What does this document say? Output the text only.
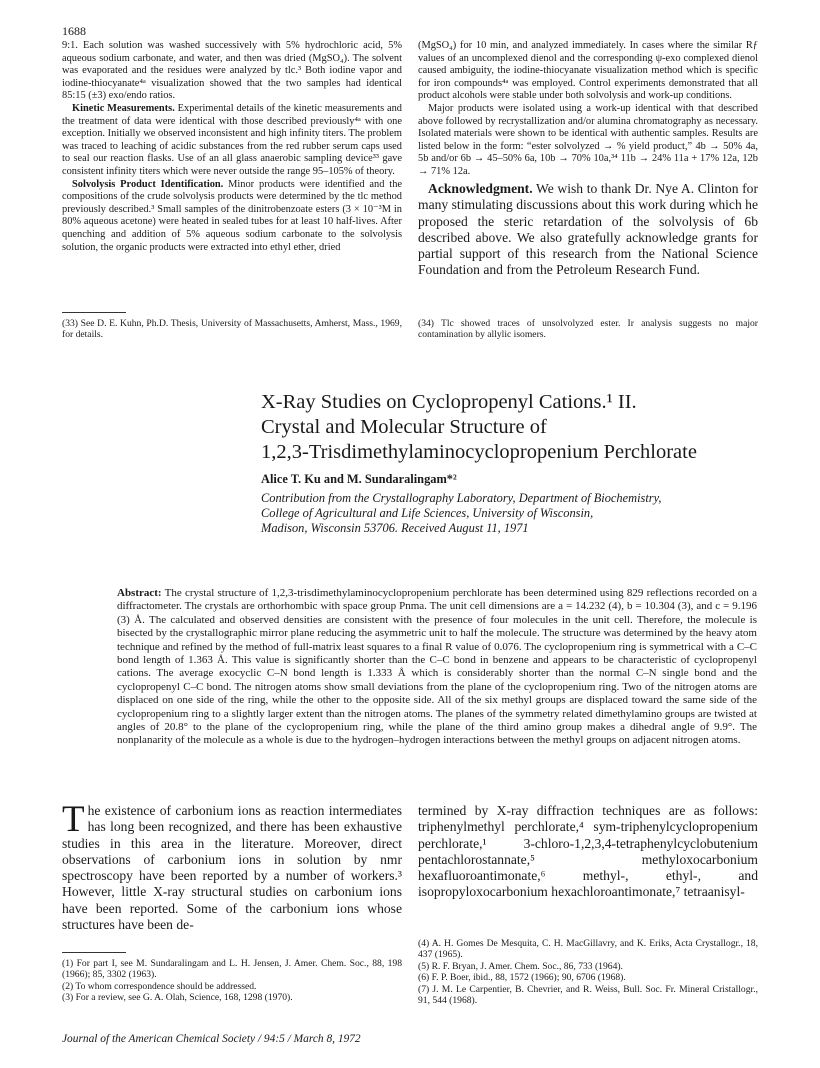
1688

9:1. Each solution was washed successively with 5% hydrochloric acid, 5% aqueous sodium carbonate, and water, and then was dried (MgSO₄). The solvent was evaporated and the residues were analyzed by tlc.³ Both iodine vapor and iodine-thiocyanate⁴ᵃ visualization showed that the two samples had identical 85:15 (±3) exo/endo ratios.

Kinetic Measurements. Experimental details of the kinetic measurements and the treatment of data were identical with those described previously⁴ᵃ with one exception. Initially we observed inconsistent and high infinity titers. The problem was traced to leaching of acidic substances from the red rubber serum caps used to seal our reaction flasks. Use of an all glass anaerobic sampling device³³ gave consistent infinity titers which were never outside the range 95–105% of theory.

Solvolysis Product Identification. Minor products were identified and the compositions of the crude solvolysis products were determined by the tlc method previously described.³ Small samples of the dinitrobenzoate esters (3 × 10⁻³M in 80% aqueous acetone) were heated in sealed tubes for at least 10 half-lives. After quenching and addition of 5% aqueous sodium carbonate to the solvolysis solution, the organic products were extracted into ethyl ether, dried

(MgSO₄) for 10 min, and analyzed immediately. In cases where the similar Rƒ values of an uncomplexed dienol and the corresponding ψ-exo complexed dienol caused ambiguity, the iodine-thiocyanate visualization method which is specific for iron compounds⁴ᵃ was employed. Control experiments demonstrated that all product alcohols were stable under both solvolysis and work-up conditions.

Major products were isolated using a work-up identical with that described above followed by recrystallization and/or alumina chromatography as necessary. Isolated materials were shown to be identical with authentic samples. Results are listed below in the form: “ester solvolyzed → % yield product,” 4b → 50% 4a, 5b and/or 6b → 45–50% 6a, 10b → 70% 10a,³⁴ 11b → 24% 11a + 17% 12a, 12b → 71% 12a.

Acknowledgment. We wish to thank Dr. Nye A. Clinton for many stimulating discussions about this work during which he proposed the steric retardation of the solvolysis of 6b described above. We also gratefully acknowledge grants for partial support of this research from the National Science Foundation and from the Petroleum Research Fund.
(33) See D. E. Kuhn, Ph.D. Thesis, University of Massachusetts, Amherst, Mass., 1969, for details.
(34) Tlc showed traces of unsolvolyzed ester. Ir analysis suggests no major contamination by allylic isomers.
X-Ray Studies on Cyclopropenyl Cations.¹ II.
Crystal and Molecular Structure of
1,2,3-Trisdimethylaminocyclopropenium Perchlorate
Alice T. Ku and M. Sundaralingam*²
Contribution from the Crystallography Laboratory, Department of Biochemistry,
College of Agricultural and Life Sciences, University of Wisconsin,
Madison, Wisconsin 53706. Received August 11, 1971
Abstract: The crystal structure of 1,2,3-trisdimethylaminocyclopropenium perchlorate has been determined using 829 reflections recorded on a diffractometer. The crystals are orthorhombic with space group Pnma. The unit cell dimensions are a = 14.232 (4), b = 10.304 (3), and c = 9.196 (3) Å. The calculated and observed densities are consistent with the presence of four molecules in the unit cell. Therefore, the molecule is bisected by the crystallographic mirror plane reducing the asymmetric unit to half the molecule. The structure was determined by the heavy atom technique and refined by the method of full-matrix least squares to a final R value of 0.076. The cyclopropenium ring is symmetrical with a C–C bond length of 1.363 Å. This value is significantly shorter than the C–C bond in benzene and appears to be characteristic of cyclopropenyl cations. The average exocyclic C–N bond length is 1.333 Å which is considerably shorter than the normal C–N single bond and the cyclopropenyl C–C bond. The nitrogen atoms show small deviations from the plane of the cyclopropenium ring. Two of the nitrogen atoms are displaced on one side of the ring, while the other to the opposite side. All of the six methyl groups are displaced toward the same side of the cyclopropenium ring to a slightly larger extent than the nitrogen atoms. The planes of the symmetry related dimethylamino groups are twisted at angles of 20.8° to the plane of the cyclopropenium ring, while the plane of the third amino group makes a dihedral angle of 9.9°. The nonplanarity of the molecule as a whole is due to the hydrogen–hydrogen interactions between the methyl groups on adjacent nitrogen atoms.
The existence of carbonium ions as reaction intermediates has long been recognized, and there has been exhaustive studies in this area in the literature. Moreover, direct observations of carbonium ions in solution by nmr spectroscopy have been reported by a number of workers.³ However, little X-ray structural studies on carbonium ions have been reported. Some of the carbonium ions whose structures have been de-
termined by X-ray diffraction techniques are as follows: triphenylmethyl perchlorate,⁴ sym-triphenylcyclopropenium perchlorate,¹ 3-chloro-1,2,3,4-tetraphenylcyclobutenium pentachlorostannate,⁵ methyloxocarbonium hexafluoroantimonate,⁶ methyl-, ethyl-, and isopropyloxocarbonium hexachloroantimonate,⁷ tetraanisyl-

(1) For part I, see M. Sundaralingam and L. H. Jensen, J. Amer. Chem. Soc., 88, 198 (1966); 85, 3302 (1963).

(2) To whom correspondence should be addressed.

(3) For a review, see G. A. Olah, Science, 168, 1298 (1970).

(4) A. H. Gomes De Mesquita, C. H. MacGillavry, and K. Eriks, Acta Crystallogr., 18, 437 (1965).

(5) R. F. Bryan, J. Amer. Chem. Soc., 86, 733 (1964).

(6) F. P. Boer, ibid., 88, 1572 (1966); 90, 6706 (1968).

(7) J. M. Le Carpentier, B. Chevrier, and R. Weiss, Bull. Soc. Fr. Mineral Cristallogr., 91, 544 (1968).

Journal of the American Chemical Society / 94:5 / March 8, 1972
